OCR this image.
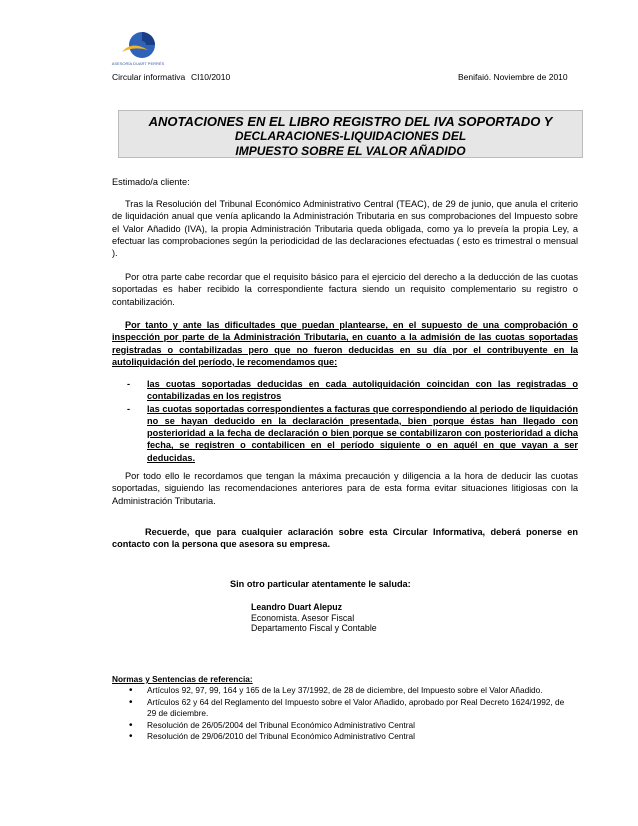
ASESORÍA DUART PERRÉS
Circular informativa CI10/2010	Benifaió. Noviembre de 2010
ANOTACIONES EN EL LIBRO REGISTRO DEL IVA SOPORTADO Y
DECLARACIONES-LIQUIDACIONES DEL
IMPUESTO SOBRE EL VALOR AÑADIDO
Estimado/a cliente:
Tras la Resolución del Tribunal Económico Administrativo Central (TEAC), de 29 de junio, que anula el criterio de liquidación anual que venía aplicando la Administración Tributaria en sus comprobaciones del Impuesto sobre el Valor Añadido (IVA), la propia Administración Tributaria queda obligada, como ya lo preveía la propia Ley, a efectuar las comprobaciones según la periodicidad de las declaraciones efectuadas ( esto es trimestral o mensual ).
Por otra parte cabe recordar que el requisito básico para el ejercicio del derecho a la deducción de las cuotas soportadas es haber recibido la correspondiente factura siendo un requisito complementario su registro o contabilización.
Por tanto y ante las dificultades que puedan plantearse, en el supuesto de una comprobación o inspección por parte de la Administración Tributaria, en cuanto a la admisión de las cuotas soportadas registradas o contabilizadas pero que no fueron deducidas en su día por el contribuyente en la autoliquidación del período, le recomendamos que:
- las cuotas soportadas deducidas en cada autoliquidación coincidan con las registradas o contabilizadas en los registros
- las cuotas soportadas correspondientes a facturas que correspondiendo al periodo de liquidación no se hayan deducido en la declaración presentada, bien porque éstas han llegado con posterioridad a la fecha de declaración o bien porque se contabilizaron con posterioridad a dicha fecha, se registren o contabilicen en el período siguiente o en aquél en que vayan a ser deducidas.
Por todo ello le recordamos que tengan la máxima precaución y diligencia a la hora de deducir las cuotas soportadas, siguiendo las recomendaciones anteriores para de esta forma evitar situaciones litigiosas con la Administración Tributaria.
Recuerde, que para cualquier aclaración sobre esta Circular Informativa, deberá ponerse en contacto con la persona que asesora su empresa.
Sin otro particular atentamente le saluda:
Leandro Duart Alepuz
Economista. Asesor Fiscal
Departamento Fiscal y Contable
Normas y Sentencias de referencia:
• Artículos 92, 97, 99, 164 y 165 de la Ley 37/1992, de 28 de diciembre, del Impuesto sobre el Valor Añadido.
• Artículos 62 y 64 del Reglamento del Impuesto sobre el Valor Añadido, aprobado por Real Decreto 1624/1992, de 29 de diciembre.
• Resolución de 26/05/2004 del Tribunal Económico Administrativo Central
• Resolución de 29/06/2010 del Tribunal Económico Administrativo Central
